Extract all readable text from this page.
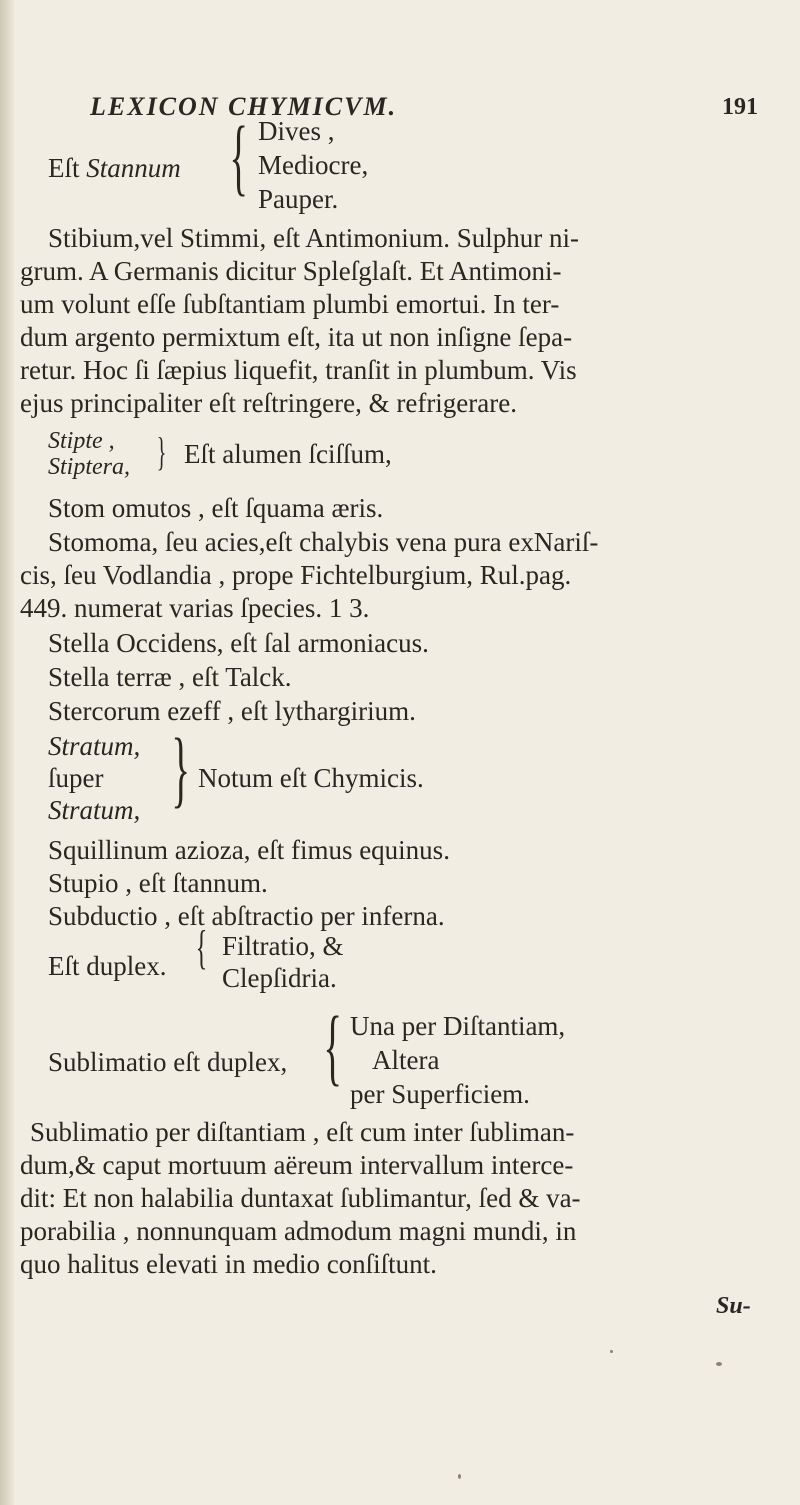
LEXICON CHYMICVM.	191
Eſt Stannum { Dives ,
Mediocre,
Pauper.
Stibium,vel Stimmi, eſt Antimonium. Sulphur ni-
grum. A Germanis dicitur Spleſglaſt. Et Antimoni-
um volunt eſſe ſubſtantiam plumbi emortui. In ter-
dum argento permixtum eſt, ita ut non inſigne ſepa-
retur. Hoc ſi ſæpius liquefit, tranſit in plumbum. Vis
ejus principaliter eſt reſtringere, & refrigerare.
Stipte ,
Stiptera, } Eſt alumen ſciſſum,
Stom omutos , eſt ſquama æris.
Stomoma, ſeu acies,eſt chalybis vena pura exNariſ-
cis, ſeu Vodlandia , prope Fichtelburgium, Rul.pag.
449. numerat varias ſpecies. 1 3.
Stella Occidens, eſt ſal armoniacus.
Stella terræ , eſt Talck.
Stercorum ezeff , eſt lythargirium.
Stratum,
ſuper
Stratum, } Notum eſt Chymicis.
Squillinum azioza, eſt fimus equinus.
Stupio , eſt ſtannum.
Subductio , eſt abſtractio per inferna.
Eſt duplex. { Filtratio, &
Clepſidria.
Sublimatio eſt duplex, { Una per Diſtantiam,
Altera
per Superficiem.
Sublimatio per diſtantiam , eſt cum inter ſubliman-
dum,& caput mortuum aëreum intervallum interce-
dit: Et non halabilia duntaxat ſublimantur, ſed & va-
porabilia , nonnunquam admodum magni mundi, in
quo halitus elevati in medio conſiſtunt.
Su-
